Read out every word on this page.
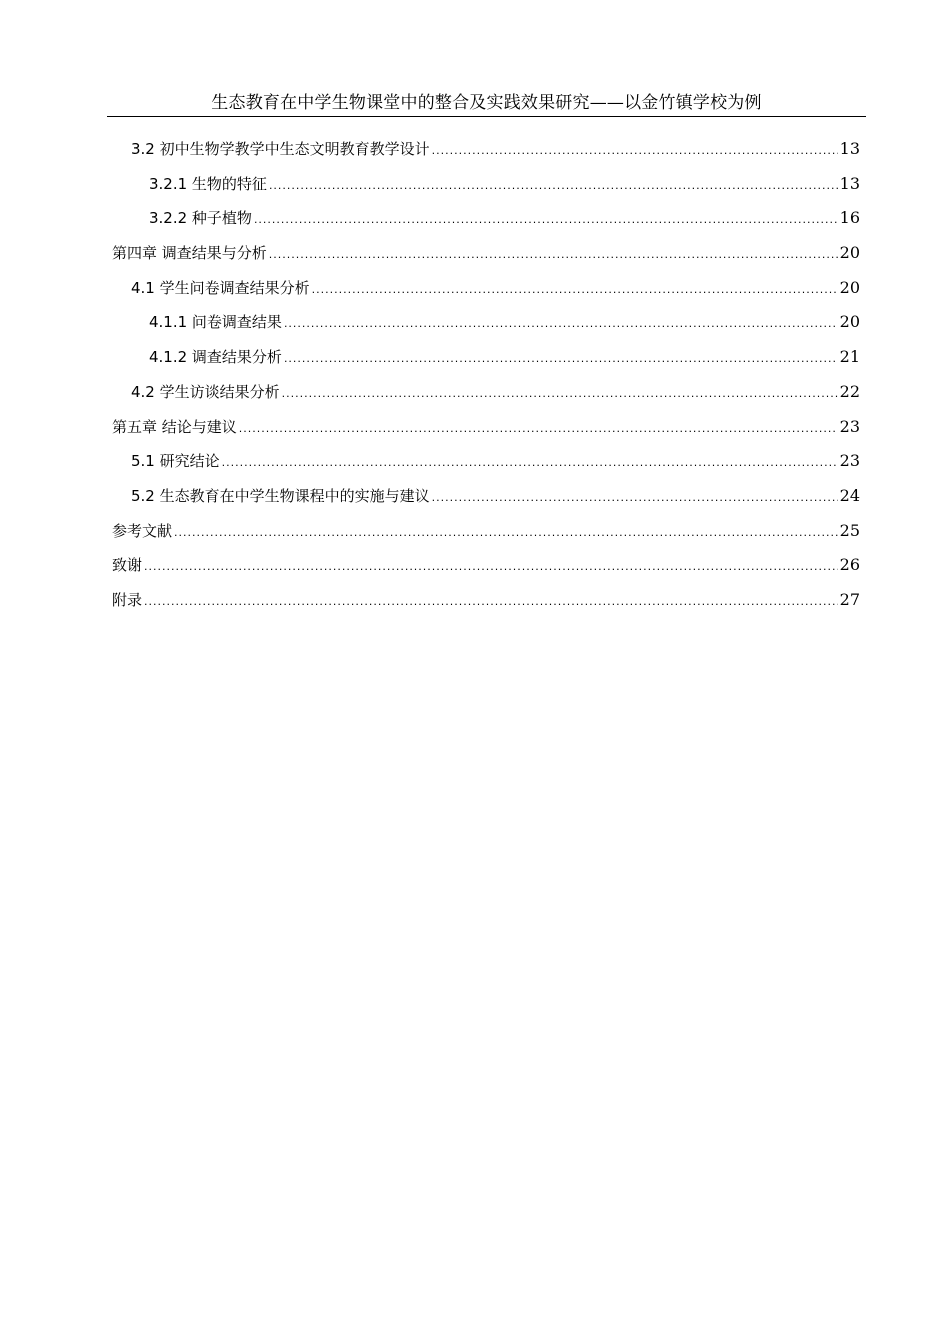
生态教育在中学生物课堂中的整合及实践效果研究——以金竹镇学校为例
3.2 初中生物学教学中生态文明教育教学设计 .....	13
3.2.1 生物的特征 .....	13
3.2.2 种子植物 .....	16
第四章 调查结果与分析 .....	20
4.1 学生问卷调查结果分析 .....	20
4.1.1 问卷调查结果 .....	20
4.1.2 调查结果分析 .....	21
4.2 学生访谈结果分析 .....	22
第五章 结论与建议 .....	23
5.1 研究结论 .....	23
5.2 生态教育在中学生物课程中的实施与建议 .....	24
参考文献 .....	25
致谢 .....	26
附录 .....	27
